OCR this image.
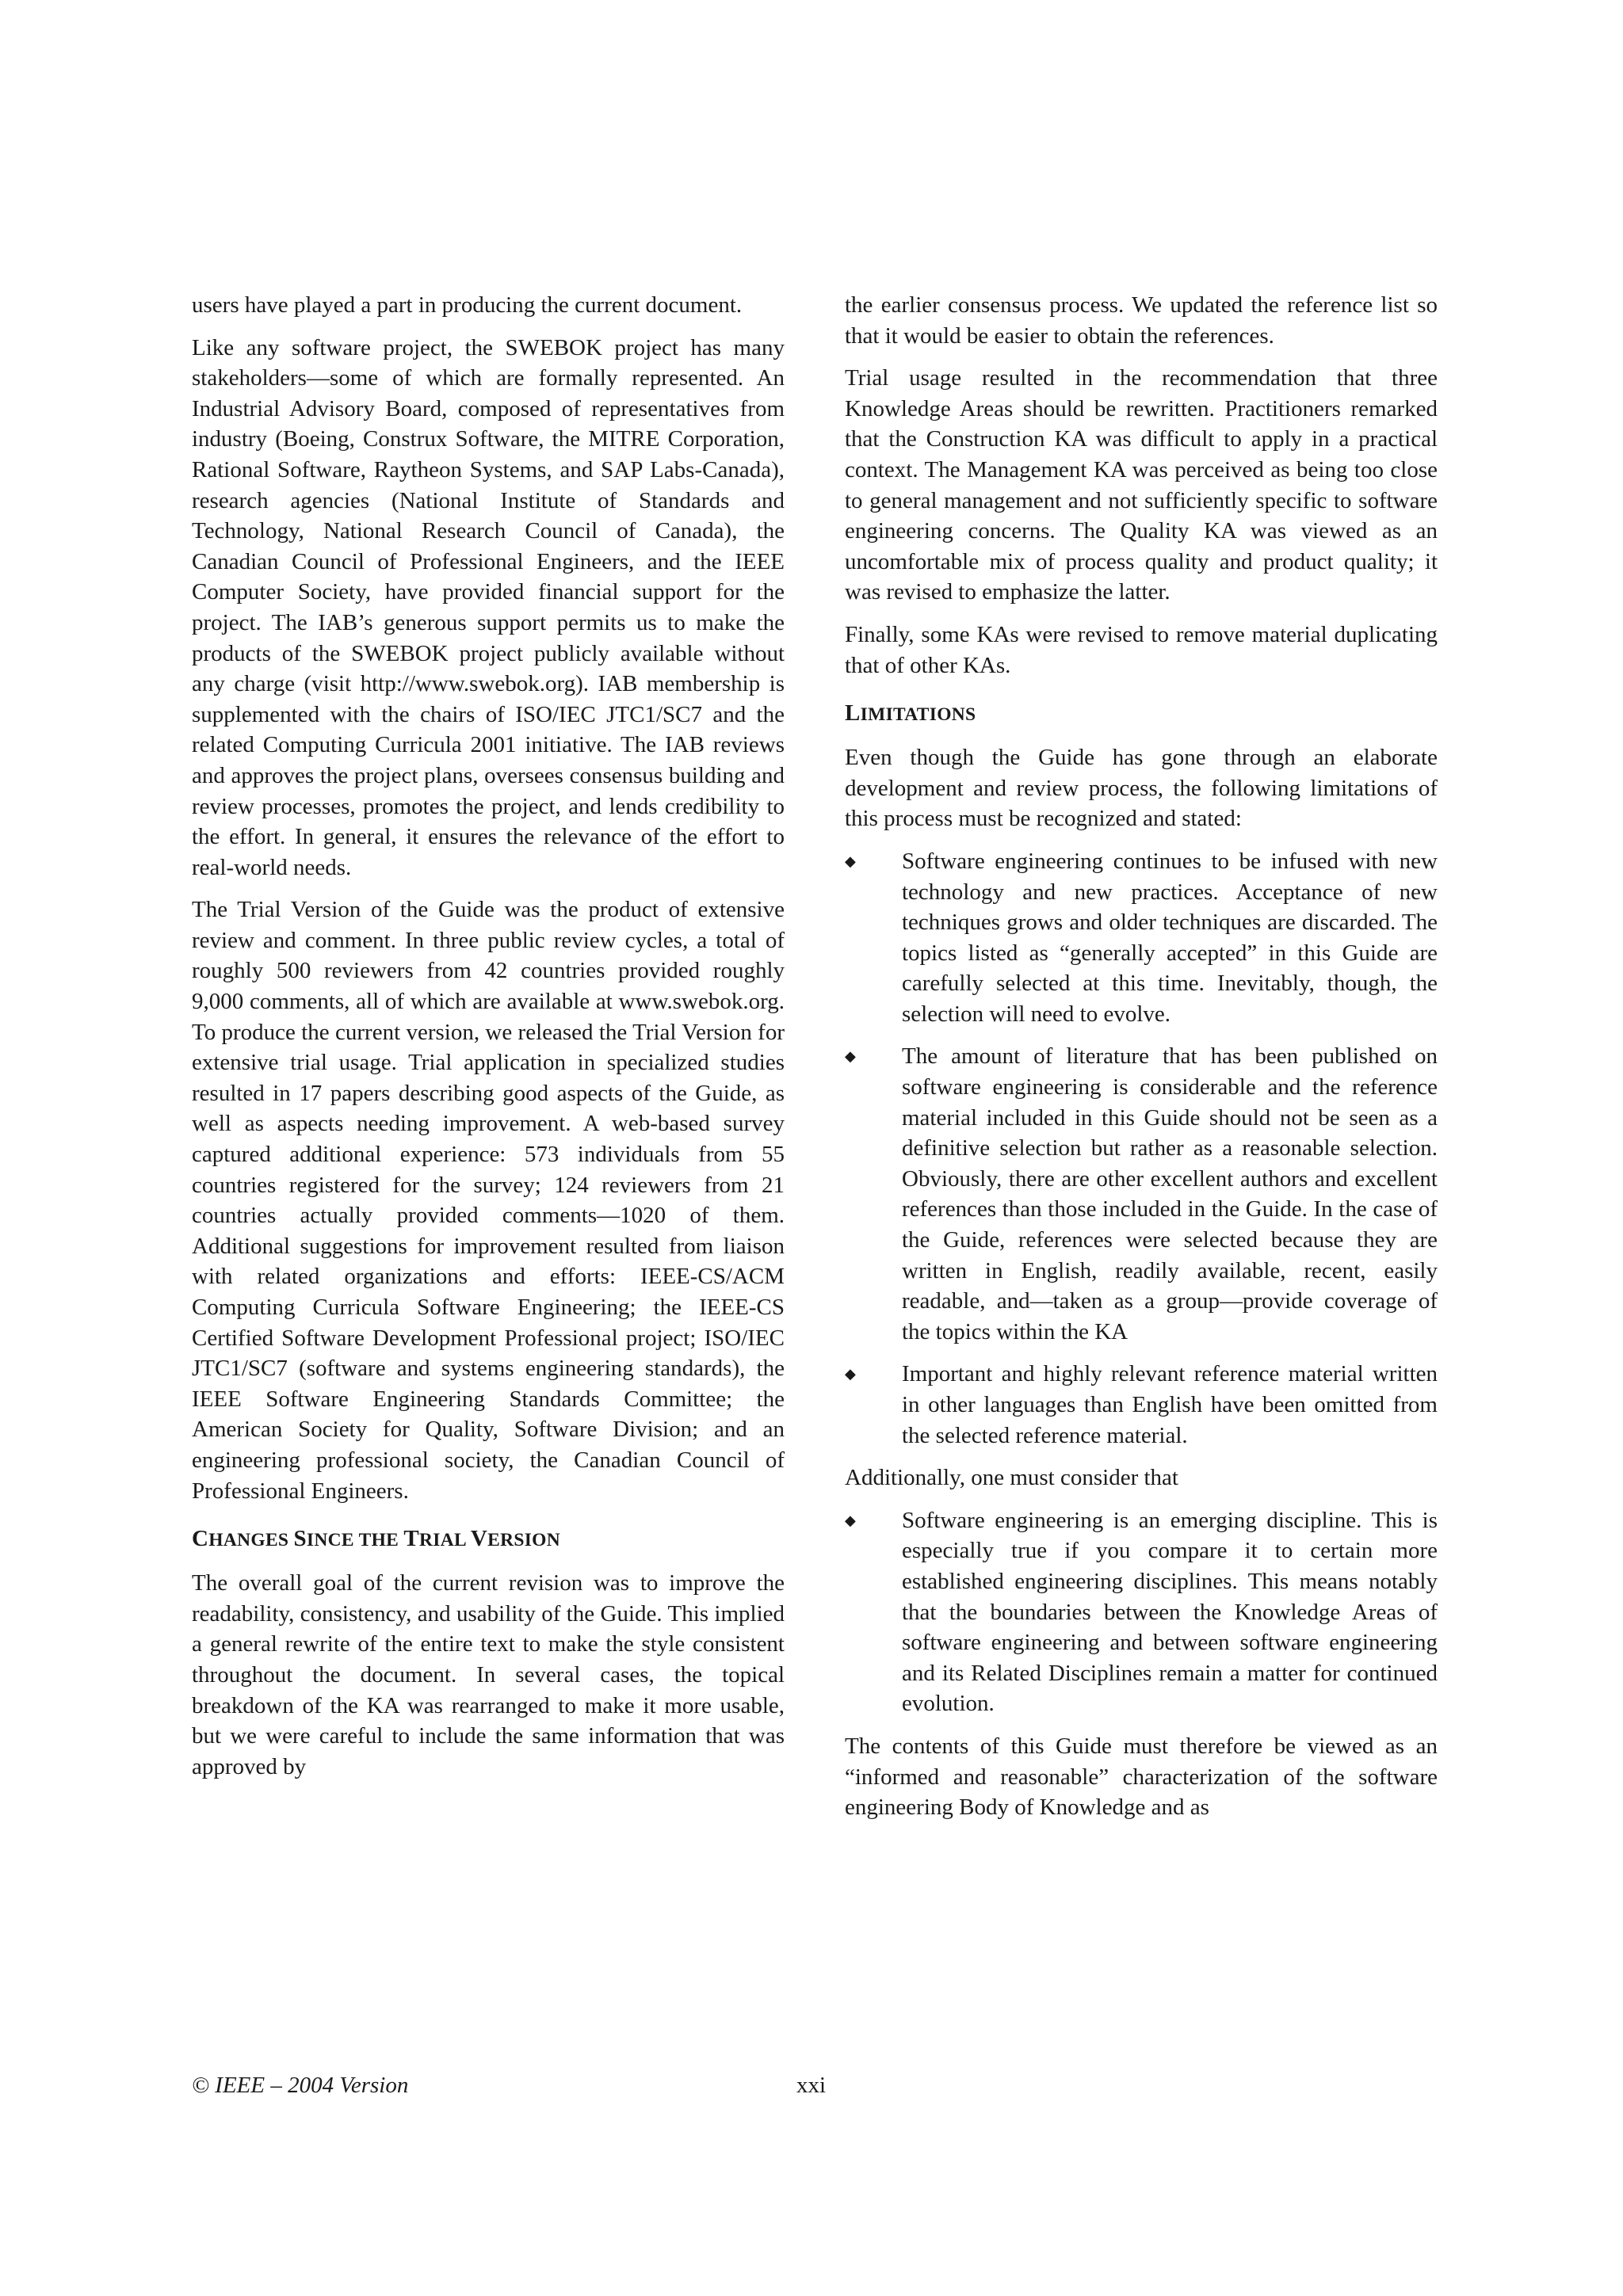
users have played a part in producing the current document.

Like any software project, the SWEBOK project has many stakeholders—some of which are formally represented. An Industrial Advisory Board, composed of representatives from industry (Boeing, Construx Software, the MITRE Corporation, Rational Software, Raytheon Systems, and SAP Labs-Canada), research agencies (National Institute of Standards and Technology, National Research Council of Canada), the Canadian Council of Professional Engineers, and the IEEE Computer Society, have provided financial support for the project. The IAB’s generous support permits us to make the products of the SWEBOK project publicly available without any charge (visit http://www.swebok.org). IAB membership is supplemented with the chairs of ISO/IEC JTC1/SC7 and the related Computing Curricula 2001 initiative. The IAB reviews and approves the project plans, oversees consensus building and review processes, promotes the project, and lends credibility to the effort. In general, it ensures the relevance of the effort to real-world needs.

The Trial Version of the Guide was the product of extensive review and comment. In three public review cycles, a total of roughly 500 reviewers from 42 countries provided roughly 9,000 comments, all of which are available at www.swebok.org. To produce the current version, we released the Trial Version for extensive trial usage. Trial application in specialized studies resulted in 17 papers describing good aspects of the Guide, as well as aspects needing improvement. A web-based survey captured additional experience: 573 individuals from 55 countries registered for the survey; 124 reviewers from 21 countries actually provided comments—1020 of them. Additional suggestions for improvement resulted from liaison with related organizations and efforts: IEEE-CS/ACM Computing Curricula Software Engineering; the IEEE-CS Certified Software Development Professional project; ISO/IEC JTC1/SC7 (software and systems engineering standards), the IEEE Software Engineering Standards Committee; the American Society for Quality, Software Division; and an engineering professional society, the Canadian Council of Professional Engineers.

CHANGES SINCE THE TRIAL VERSION

The overall goal of the current revision was to improve the readability, consistency, and usability of the Guide. This implied a general rewrite of the entire text to make the style consistent throughout the document. In several cases, the topical breakdown of the KA was rearranged to make it more usable, but we were careful to include the same information that was approved by

the earlier consensus process. We updated the reference list so that it would be easier to obtain the references.

Trial usage resulted in the recommendation that three Knowledge Areas should be rewritten. Practitioners remarked that the Construction KA was difficult to apply in a practical context. The Management KA was perceived as being too close to general management and not sufficiently specific to software engineering concerns. The Quality KA was viewed as an uncomfortable mix of process quality and product quality; it was revised to emphasize the latter.

Finally, some KAs were revised to remove material duplicating that of other KAs.

LIMITATIONS

Even though the Guide has gone through an elaborate development and review process, the following limitations of this process must be recognized and stated:

◆ Software engineering continues to be infused with new technology and new practices. Acceptance of new techniques grows and older techniques are discarded. The topics listed as “generally accepted” in this Guide are carefully selected at this time. Inevitably, though, the selection will need to evolve.
◆ The amount of literature that has been published on software engineering is considerable and the reference material included in this Guide should not be seen as a definitive selection but rather as a reasonable selection. Obviously, there are other excellent authors and excellent references than those included in the Guide. In the case of the Guide, references were selected because they are written in English, readily available, recent, easily readable, and—taken as a group—provide coverage of the topics within the KA
◆ Important and highly relevant reference material written in other languages than English have been omitted from the selected reference material.

Additionally, one must consider that

◆ Software engineering is an emerging discipline. This is especially true if you compare it to certain more established engineering disciplines. This means notably that the boundaries between the Knowledge Areas of software engineering and between software engineering and its Related Disciplines remain a matter for continued evolution.

The contents of this Guide must therefore be viewed as an “informed and reasonable” characterization of the software engineering Body of Knowledge and as

© IEEE – 2004 Version	xxi
